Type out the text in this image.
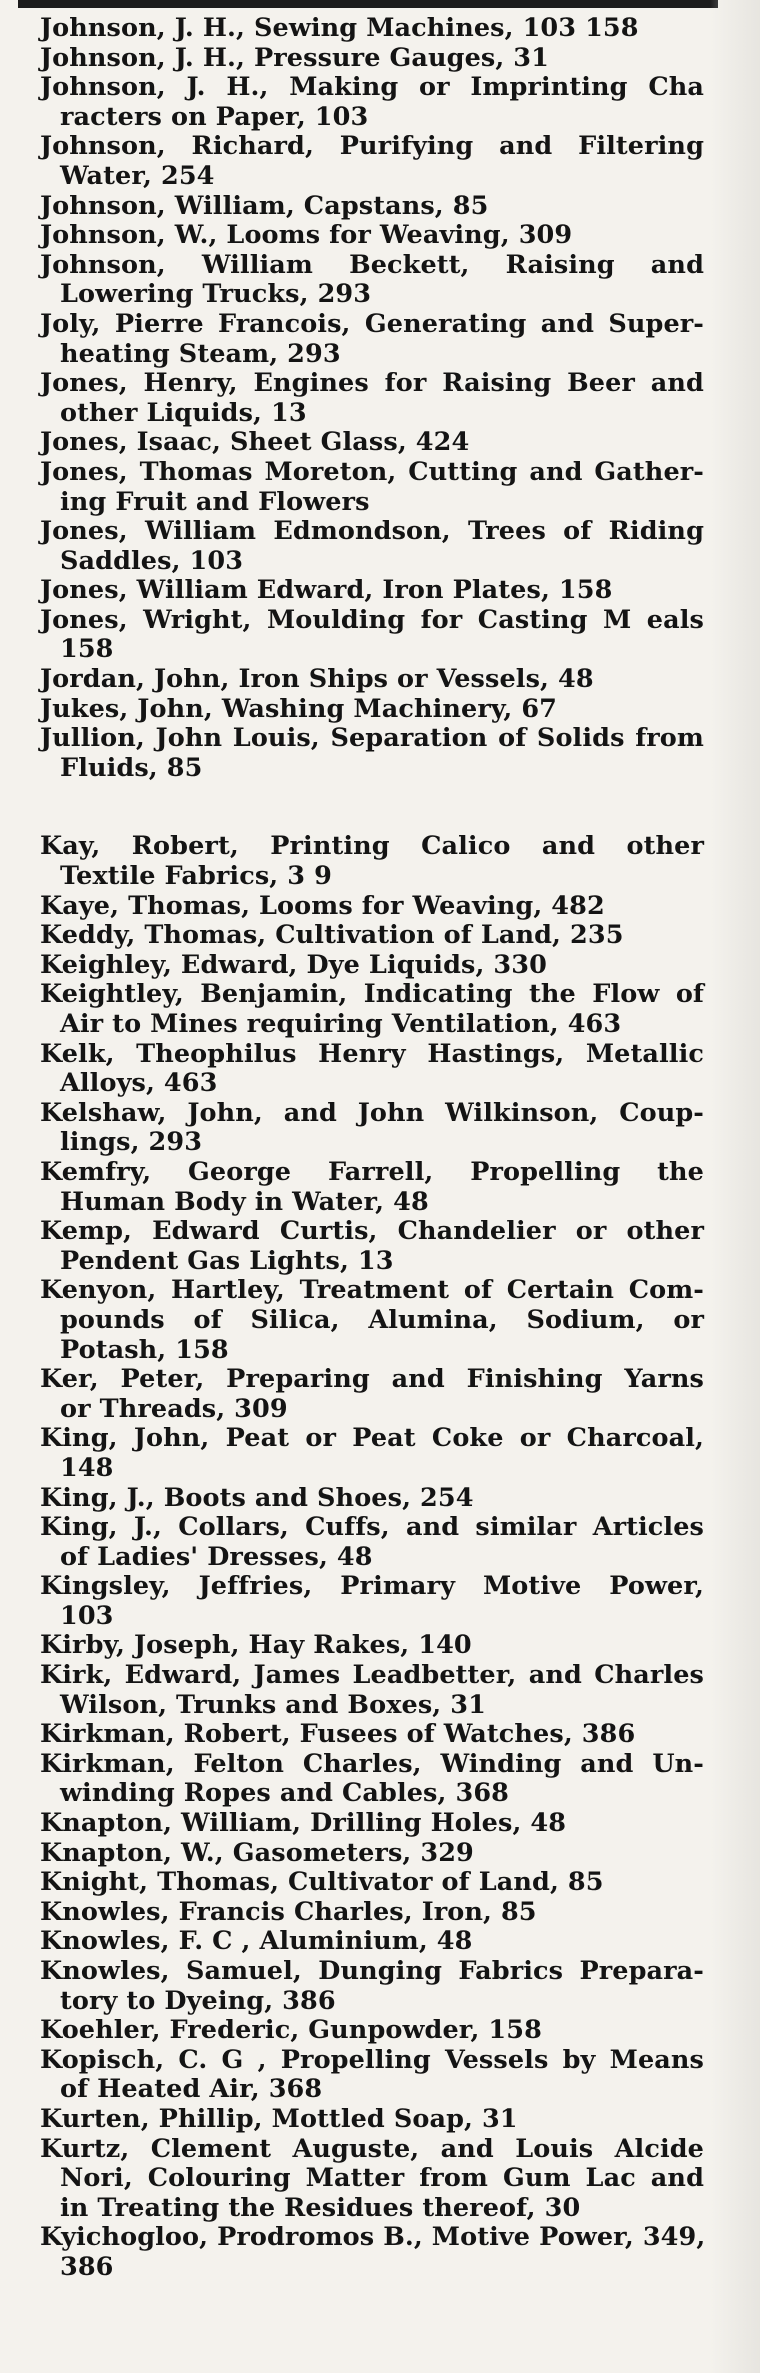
Johnson, J. H., Sewing Machines, 103 158
Johnson, J. H., Pressure Gauges, 31
Johnson, J. H., Making or Imprinting Cha
racters on Paper, 103
Johnson, Richard, Purifying and Filtering
Water, 254
Johnson, William, Capstans, 85
Johnson, W., Looms for Weaving, 309
Johnson, William Beckett, Raising and
Lowering Trucks, 293
Joly, Pierre Francois, Generating and Super-
heating Steam, 293
Jones, Henry, Engines for Raising Beer and
other Liquids, 13
Jones, Isaac, Sheet Glass, 424
Jones, Thomas Moreton, Cutting and Gather-
ing Fruit and Flowers
Jones, William Edmondson, Trees of Riding
Saddles, 103
Jones, William Edward, Iron Plates, 158
Jones, Wright, Moulding for Casting M eals
158
Jordan, John, Iron Ships or Vessels, 48
Jukes, John, Washing Machinery, 67
Jullion, John Louis, Separation of Solids from
Fluids, 85
Kay, Robert, Printing Calico and other
Textile Fabrics, 3 9
Kaye, Thomas, Looms for Weaving, 482
Keddy, Thomas, Cultivation of Land, 235
Keighley, Edward, Dye Liquids, 330
Keightley, Benjamin, Indicating the Flow of
Air to Mines requiring Ventilation, 463
Kelk, Theophilus Henry Hastings, Metallic
Alloys, 463
Kelshaw, John, and John Wilkinson, Coup-
lings, 293
Kemfry, George Farrell, Propelling the
Human Body in Water, 48
Kemp, Edward Curtis, Chandelier or other
Pendent Gas Lights, 13
Kenyon, Hartley, Treatment of Certain Com-
pounds of Silica, Alumina, Sodium, or
Potash, 158
Ker, Peter, Preparing and Finishing Yarns
or Threads, 309
King, John, Peat or Peat Coke or Charcoal,
148
King, J., Boots and Shoes, 254
King, J., Collars, Cuffs, and similar Articles
of Ladies' Dresses, 48
Kingsley, Jeffries, Primary Motive Power,
103
Kirby, Joseph, Hay Rakes, 140
Kirk, Edward, James Leadbetter, and Charles
Wilson, Trunks and Boxes, 31
Kirkman, Robert, Fusees of Watches, 386
Kirkman, Felton Charles, Winding and Un-
winding Ropes and Cables, 368
Knapton, William, Drilling Holes, 48
Knapton, W., Gasometers, 329
Knight, Thomas, Cultivator of Land, 85
Knowles, Francis Charles, Iron, 85
Knowles, F. C , Aluminium, 48
Knowles, Samuel, Dunging Fabrics Prepara-
tory to Dyeing, 386
Koehler, Frederic, Gunpowder, 158
Kopisch, C. G , Propelling Vessels by Means
of Heated Air, 368
Kurten, Phillip, Mottled Soap, 31
Kurtz, Clement Auguste, and Louis Alcide
Nori, Colouring Matter from Gum Lac and
in Treating the Residues thereof, 30
Kyichogloo, Prodromos B., Motive Power, 349,
386
